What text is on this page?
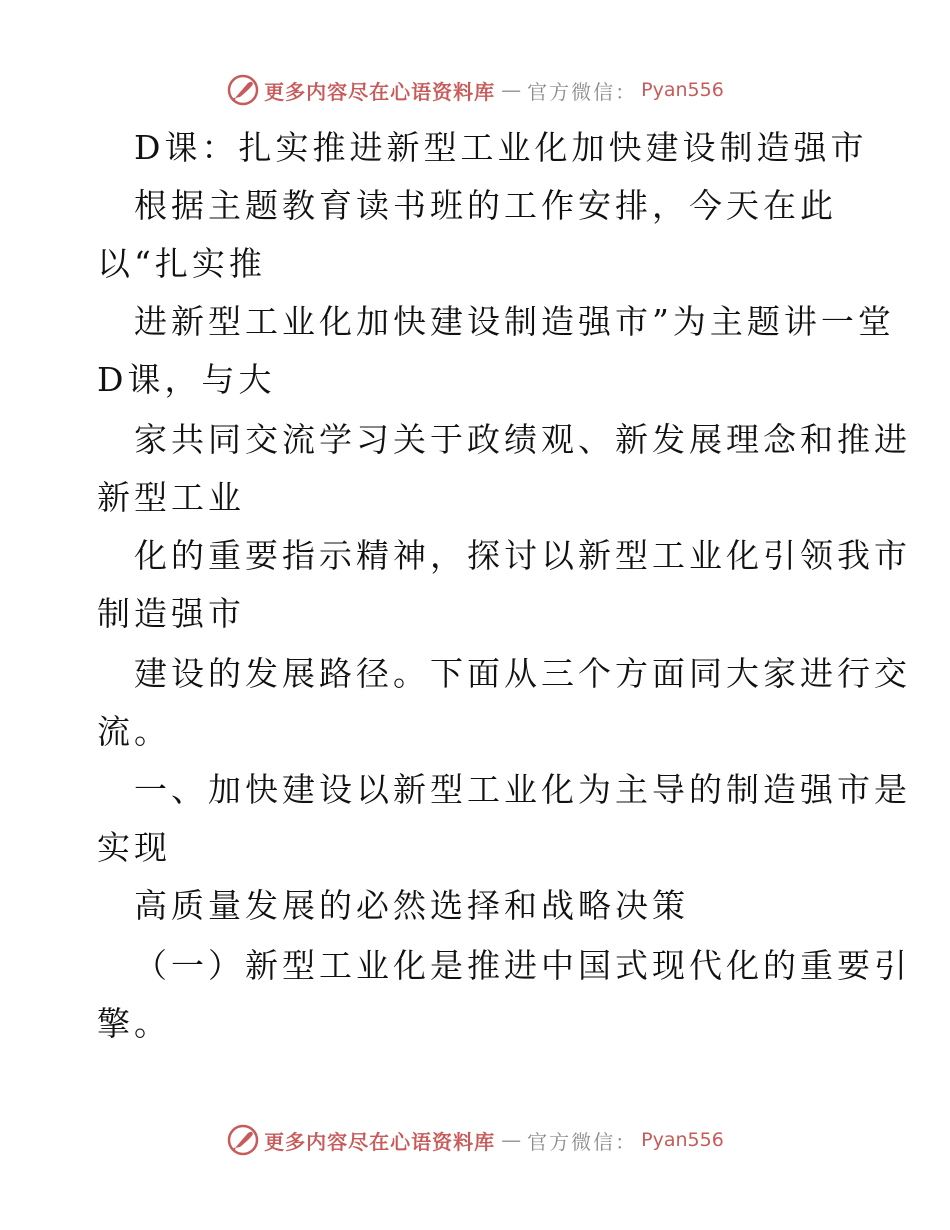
更多内容尽在心语资料库 — 官方微信： Pyan556
D课：扎实推进新型工业化加快建设制造强市
根据主题教育读书班的工作安排，今天在此
以“扎实推
进新型工业化加快建设制造强市”为主题讲一堂
D课，与大
家共同交流学习关于政绩观、新发展理念和推进
新型工业
化的重要指示精神，探讨以新型工业化引领我市
制造强市
建设的发展路径。下面从三个方面同大家进行交
流。
一、加快建设以新型工业化为主导的制造强市是
实现
高质量发展的必然选择和战略决策
（一）新型工业化是推进中国式现代化的重要引
擎。
更多内容尽在心语资料库 — 官方微信： Pyan556
